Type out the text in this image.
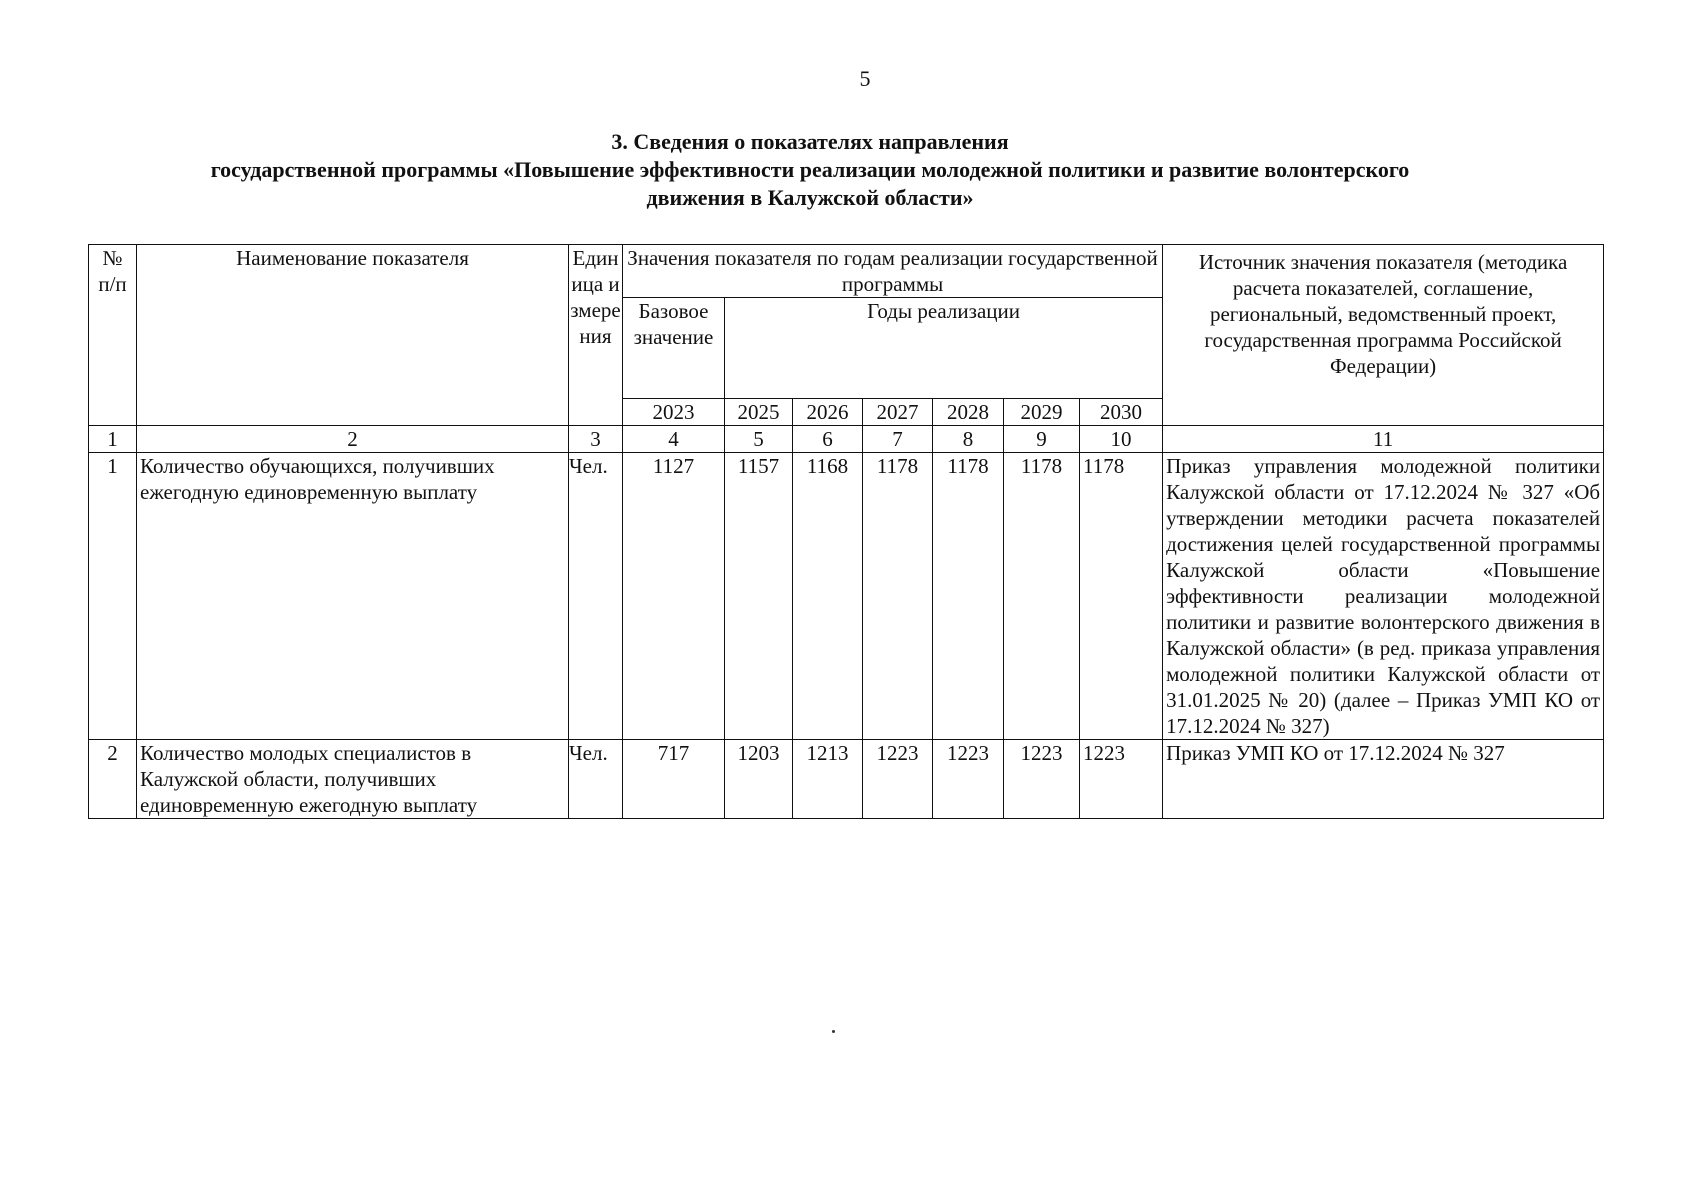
5
3. Сведения о показателях направления
государственной программы «Повышение эффективности реализации молодежной политики и развитие волонтерского
движения в Калужской области»
№ п/п	Наименование показателя	Единица измерения	Значения показателя по годам реализации государственной программы							Источник значения показателя (методика расчета показателей, соглашение, региональный, ведомственный проект, государственная программа Российской Федерации)
			Базовое значение	Годы реализации						
			2023	2025	2026	2027	2028	2029	2030	
1	2	3	4	5	6	7	8	9	10	11
1	Количество обучающихся, получивших ежегодную единовременную выплату	Чел.	1127	1157	1168	1178	1178	1178	1178	Приказ управления молодежной политики Калужской области от 17.12.2024 № 327 «Об утверждении методики расчета показателей достижения целей государственной программы Калужской области «Повышение эффективности реализации молодежной политики и развитие волонтерского движения в Калужской области» (в ред. приказа управления молодежной политики Калужской области от 31.01.2025 № 20) (далее – Приказ УМП КО от 17.12.2024 № 327)
2	Количество молодых специалистов в Калужской области, получивших единовременную ежегодную выплату	Чел.	717	1203	1213	1223	1223	1223	1223	Приказ УМП КО от 17.12.2024 № 327
